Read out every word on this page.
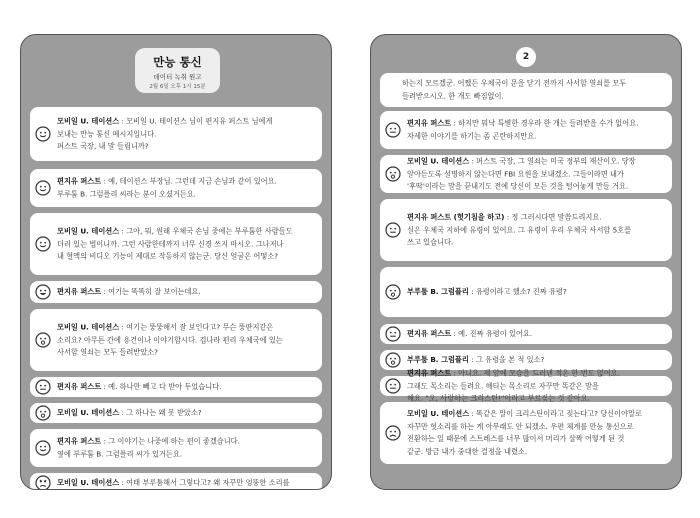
만능 통신
데이터 녹취 원고
2월 6일 오후 1시 15분
모비일 U. 테이션스 : 모비일 U. 테이션스 님이 편지유 퍼스트 님에게
보내는 만능 통신 메시지입니다.
퍼스트 국장, 내 말 들립니까?
편지유 퍼스트 : 예, 테이션스 부장님. 그런데 지금 손님과 같이 있어요.
부루툼 B. 그럼플리 씨라는 분이 오셨거든요.
모비일 U. 테이션스 : 그아, 뭐, 원래 우체국 손님 중에는 부루툼한 사람들도
더러 있는 법이니까. 그런 사람한테까지 너무 신경 쓰지 마시오. 그나저나
내 혈액의 비디오 기능이 제대로 작동하지 않는군. 당신 얼굴은 어떻소?
편지유 퍼스트 : 여기는 똑똑히 잘 보이는데요.
모비일 U. 테이션스 : 여기는 뚱뚱해서 잘 보인다고? 무슨 뚱딴지같은
소리요? 아무튼 간에 용건이나 이야기합시다. 겁나라 편리 우체국에 있는
사서함 열쇠는 모두 들려받았소?
편지유 퍼스트 : 예. 하나만 빼고 다 받아 두었습니다.
모비일 U. 테이션스 : 그 하나는 왜 못 받았소?
편지유 퍼스트 : 그 이야기는 나중에 하는 편이 좋겠습니다.
옆에 부루툼 B. 그럼플리 씨가 있거든요.
모비일 U. 테이션스 : 여태 부루툼해서 그렇다고? 왜 자꾸만 엉뚱한 소리를
2
편지유 퍼스트 : 하지만 뭐낙 특별한 경우라 한 개는 들려받을 수가 없어요.
자세한 이야기를 하기는 좀 곤란하지만요.
모비일 U. 테이션스 : 퍼스트 국장, 그 열쇠는 미국 정부의 재산이오. 당장
알아듣도록 설명하지 않는다면 FBI 요원을 보내겠소. 그들이라면 내가
'후딱'이라는 말을 끝내기도 전에 당신이 모든 것을 털어놓게 만들 거요.
편지유 퍼스트 (헛기침을 하고) : 정 그러시다면 말씀드리지요.
실은 우체국 지하에 유령이 있어요. 그 유령이 우리 우체국 사서함 5호를
쓰고 있습니다.
부루툼 B. 그럼플리 : 유령이라고 했소? 진짜 유령?
편지유 퍼스트 : 예. 진짜 유령이 있어요.
부루툼 B. 그럼플리 : 그 유령을 본 적 있소?
편지유 퍼스트 : 아니요. 제 앞에 모습을 드러낸 적은 한 번도 없어요.
그래도 목소리는 들려요. 해티는 목소리로 자꾸만 똑같은 말을
해요. "오, 사랑하는 크리스틴!"이라고 부르짖는 것 같아요.
모비일 U. 테이션스 : 똑같은 말이 크리스틴이라고 짖는다고? 당신이야말로
자꾸만 헛소리를 하는 게 아무래도 안 되겠소. 우편 체계를 만능 통신으로
전환하는 일 때문에 스트레스를 너무 많이서 머리가 살짝 어떻게 된 것
같군. 방금 내가 중대한 결정을 내렸소.
하는지 모르겠군. 어쨌든 우체국이 문을 닫기 전까지 사서함 열쇠를 모두
들려받으시오. 한 개도 빠짐없이.
